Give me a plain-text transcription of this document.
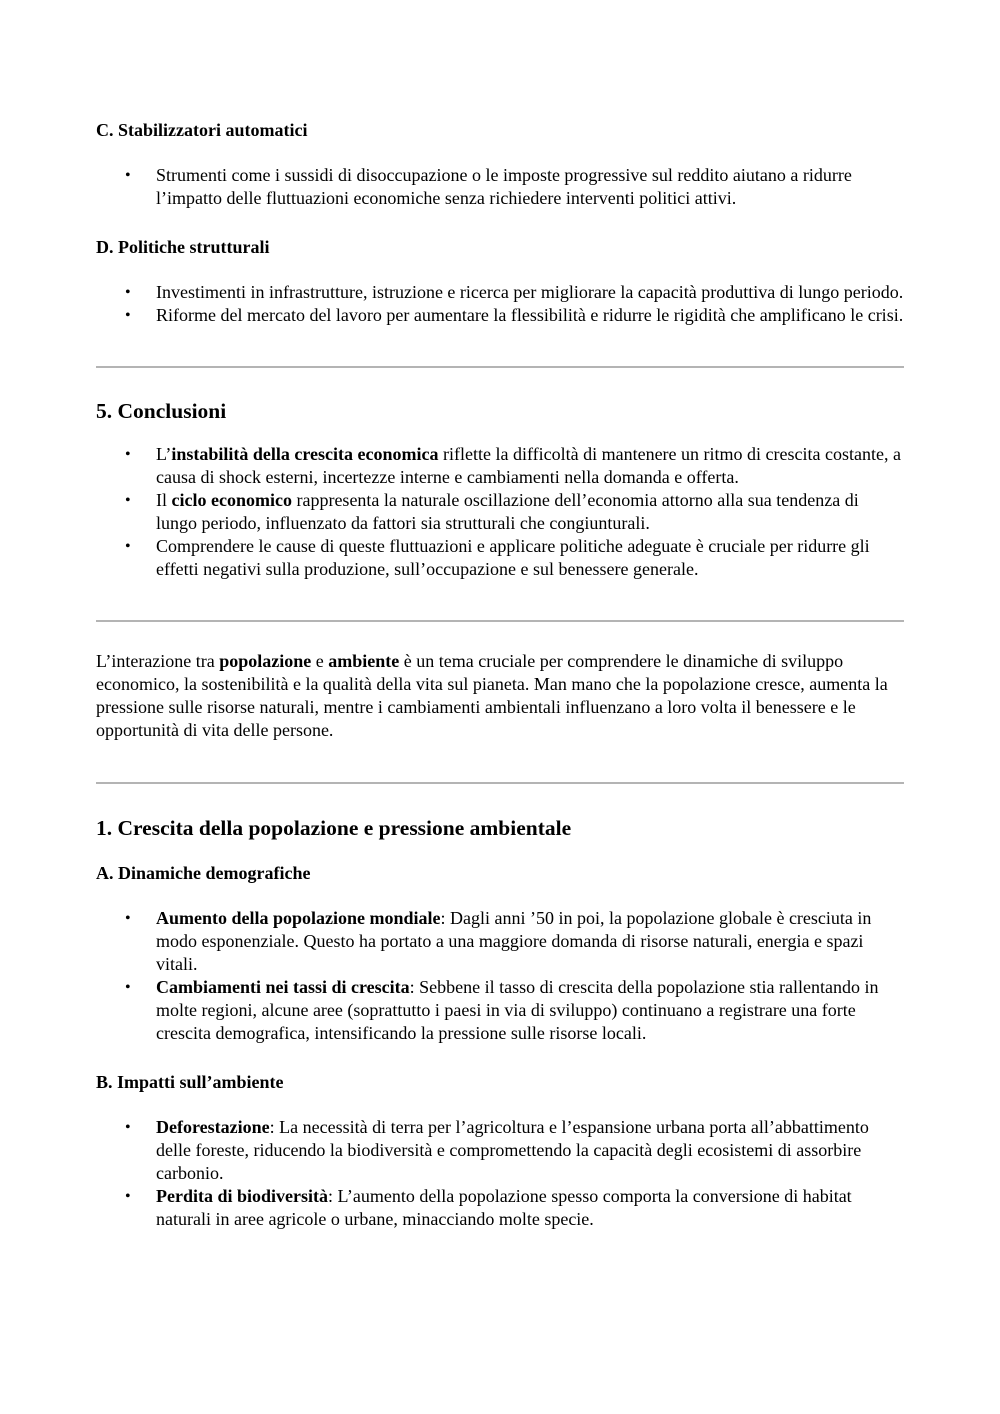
C. Stabilizzatori automatici
• Strumenti come i sussidi di disoccupazione o le imposte progressive sul reddito aiutano a ridurre l’impatto delle fluttuazioni economiche senza richiedere interventi politici attivi.
D. Politiche strutturali
• Investimenti in infrastrutture, istruzione e ricerca per migliorare la capacità produttiva di lungo periodo.
• Riforme del mercato del lavoro per aumentare la flessibilità e ridurre le rigidità che amplificano le crisi.
5. Conclusioni
• L’instabilità della crescita economica riflette la difficoltà di mantenere un ritmo di crescita costante, a causa di shock esterni, incertezze interne e cambiamenti nella domanda e offerta.
• Il ciclo economico rappresenta la naturale oscillazione dell’economia attorno alla sua tendenza di lungo periodo, influenzato da fattori sia strutturali che congiunturali.
• Comprendere le cause di queste fluttuazioni e applicare politiche adeguate è cruciale per ridurre gli effetti negativi sulla produzione, sull’occupazione e sul benessere generale.

L’interazione tra popolazione e ambiente è un tema cruciale per comprendere le dinamiche di sviluppo economico, la sostenibilità e la qualità della vita sul pianeta. Man mano che la popolazione cresce, aumenta la pressione sulle risorse naturali, mentre i cambiamenti ambientali influenzano a loro volta il benessere e le opportunità di vita delle persone.

1. Crescita della popolazione e pressione ambientale
A. Dinamiche demografiche
• Aumento della popolazione mondiale: Dagli anni ’50 in poi, la popolazione globale è cresciuta in modo esponenziale. Questo ha portato a una maggiore domanda di risorse naturali, energia e spazi vitali.
• Cambiamenti nei tassi di crescita: Sebbene il tasso di crescita della popolazione stia rallentando in molte regioni, alcune aree (soprattutto i paesi in via di sviluppo) continuano a registrare una forte crescita demografica, intensificando la pressione sulle risorse locali.
B. Impatti sull’ambiente
• Deforestazione: La necessità di terra per l’agricoltura e l’espansione urbana porta all’abbattimento delle foreste, riducendo la biodiversità e compromettendo la capacità degli ecosistemi di assorbire carbonio.
• Perdita di biodiversità: L’aumento della popolazione spesso comporta la conversione di habitat naturali in aree agricole o urbane, minacciando molte specie.
